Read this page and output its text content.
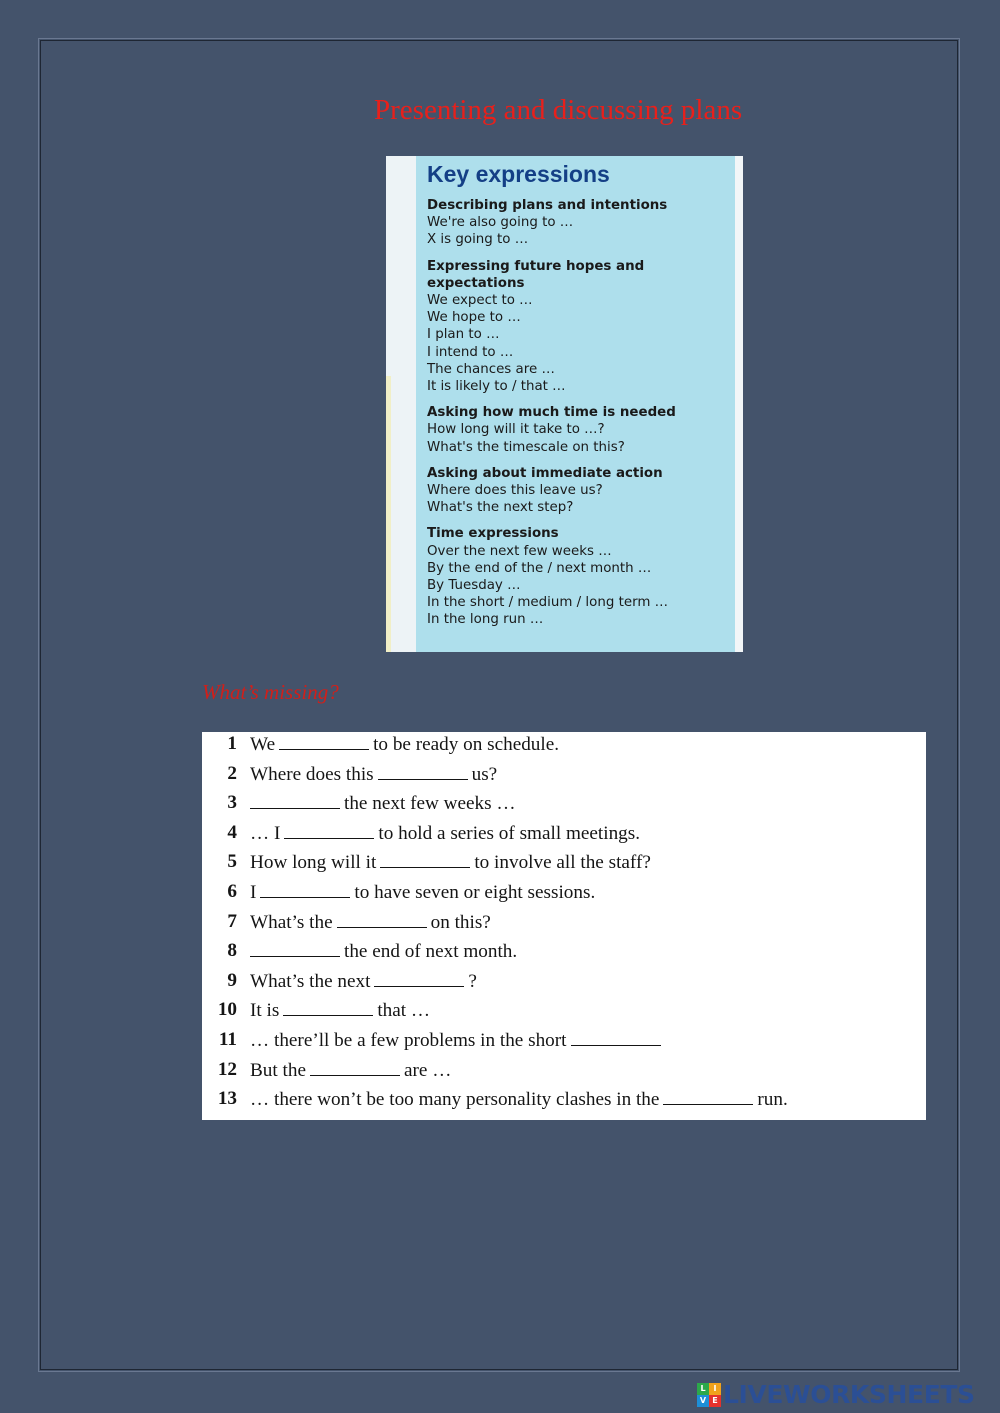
Presenting and discussing plans
Key expressions
Describing plans and intentions
We're also going to …
X is going to …
Expressing future hopes and expectations
We expect to …
We hope to …
I plan to …
I intend to …
The chances are …
It is likely to / that …
Asking how much time is needed
How long will it take to …?
What's the timescale on this?
Asking about immediate action
Where does this leave us?
What's the next step?
Time expressions
Over the next few weeks …
By the end of the / next month …
By Tuesday …
In the short / medium / long term …
In the long run …
What’s missing?
1 We	to be ready on schedule.
2 Where does this	us?
3	the next few weeks …
4 … I	to hold a series of small meetings.
5 How long will it	to involve all the staff?
6 I	to have seven or eight sessions.
7 What’s the	on this?
8	the end of next month.
9 What’s the next	?
10 It is	that …
11 … there’ll be a few problems in the short
12 But the	are …
13 … there won’t be too many personality clashes in the	run.
L I
V E LIVEWORKSHEETS
